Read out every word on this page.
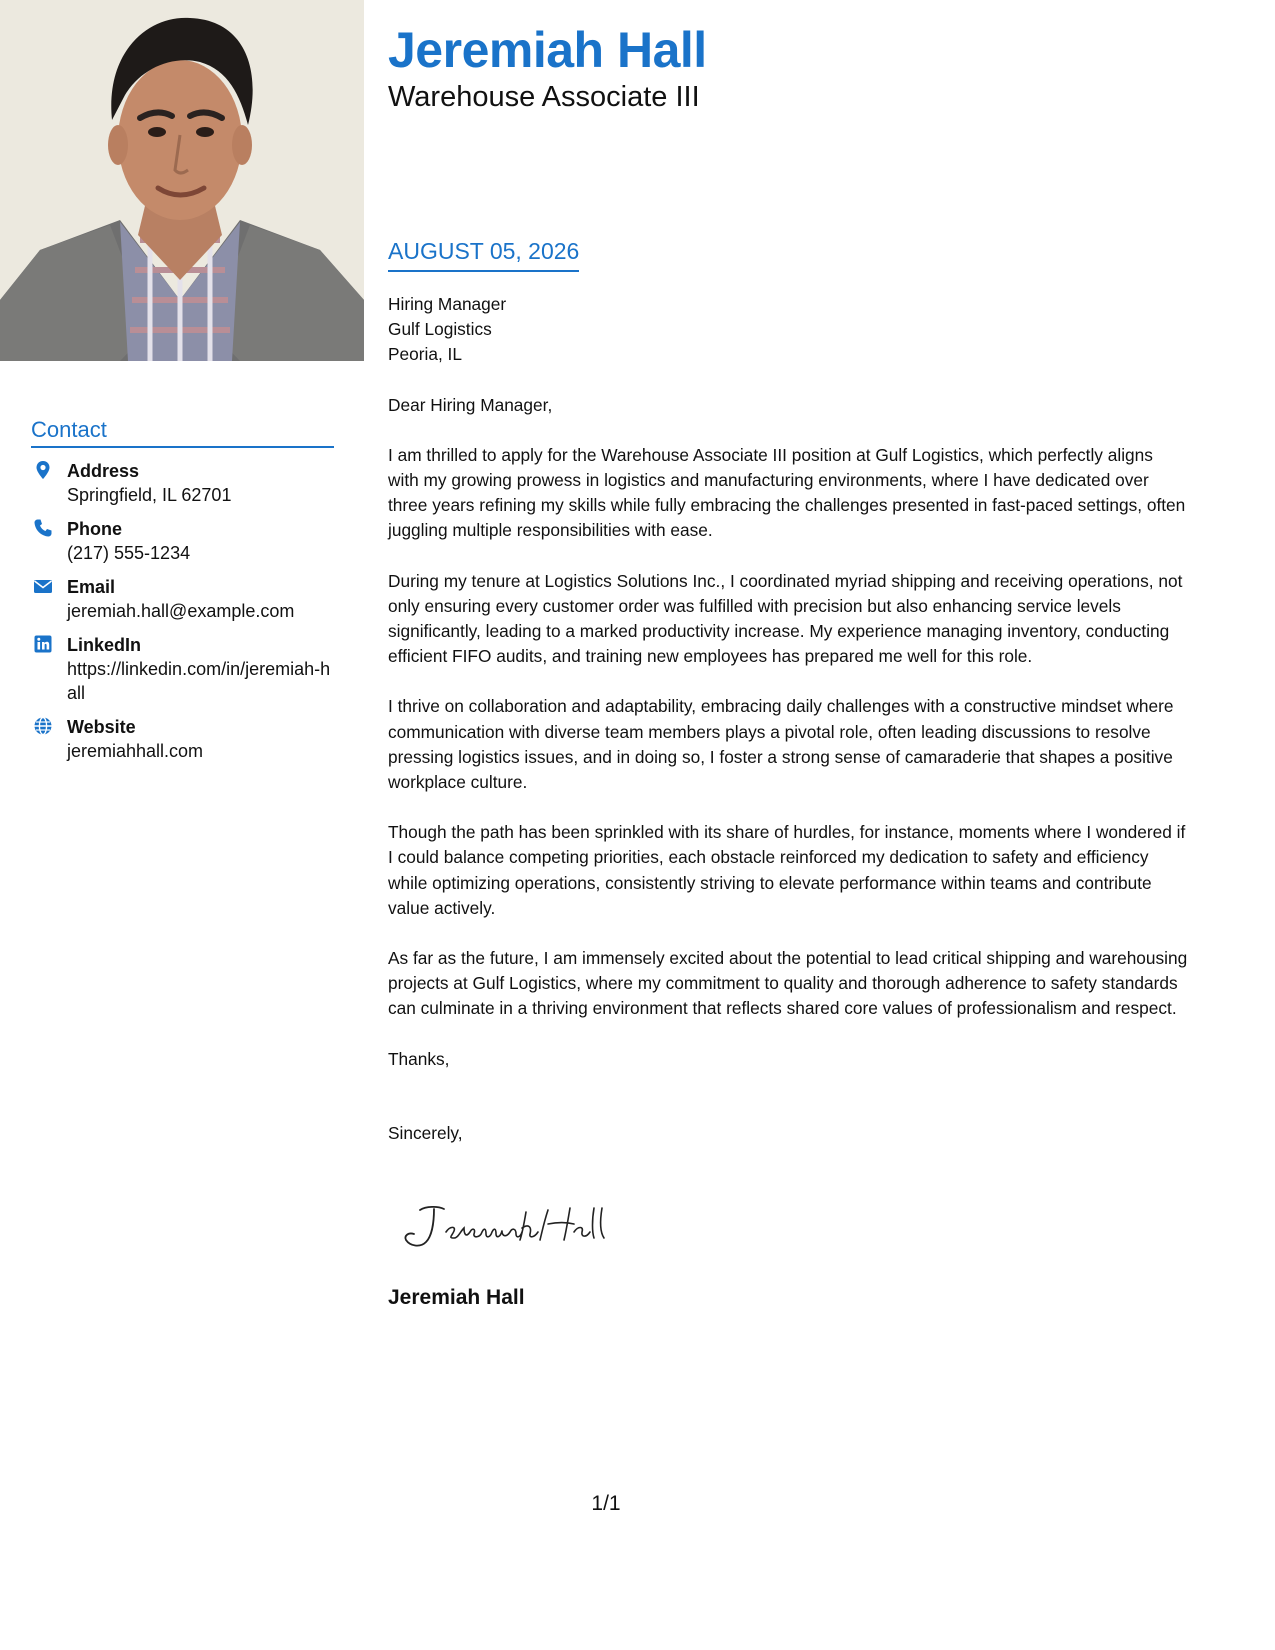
Jeremiah Hall
Warehouse Associate III
Contact
Address
Springfield, IL 62701
Phone
(217) 555-1234
Email
jeremiah.hall@example.com
LinkedIn
https://linkedin.com/in/jeremiah-hall
Website
jeremiahhall.com
AUGUST 05, 2026
Hiring Manager
Gulf Logistics
Peoria, IL
Dear Hiring Manager,
I am thrilled to apply for the Warehouse Associate III position at Gulf Logistics, which perfectly aligns with my growing prowess in logistics and manufacturing environments, where I have dedicated over three years refining my skills while fully embracing the challenges presented in fast-paced settings, often juggling multiple responsibilities with ease.
During my tenure at Logistics Solutions Inc., I coordinated myriad shipping and receiving operations, not only ensuring every customer order was fulfilled with precision but also enhancing service levels significantly, leading to a marked productivity increase. My experience managing inventory, conducting efficient FIFO audits, and training new employees has prepared me well for this role.
I thrive on collaboration and adaptability, embracing daily challenges with a constructive mindset where communication with diverse team members plays a pivotal role, often leading discussions to resolve pressing logistics issues, and in doing so, I foster a strong sense of camaraderie that shapes a positive workplace culture.
Though the path has been sprinkled with its share of hurdles, for instance, moments where I wondered if I could balance competing priorities, each obstacle reinforced my dedication to safety and efficiency while optimizing operations, consistently striving to elevate performance within teams and contribute value actively.
As far as the future, I am immensely excited about the potential to lead critical shipping and warehousing projects at Gulf Logistics, where my commitment to quality and thorough adherence to safety standards can culminate in a thriving environment that reflects shared core values of professionalism and respect.
Thanks,
Sincerely,
Jeremiah Hall
1/1
